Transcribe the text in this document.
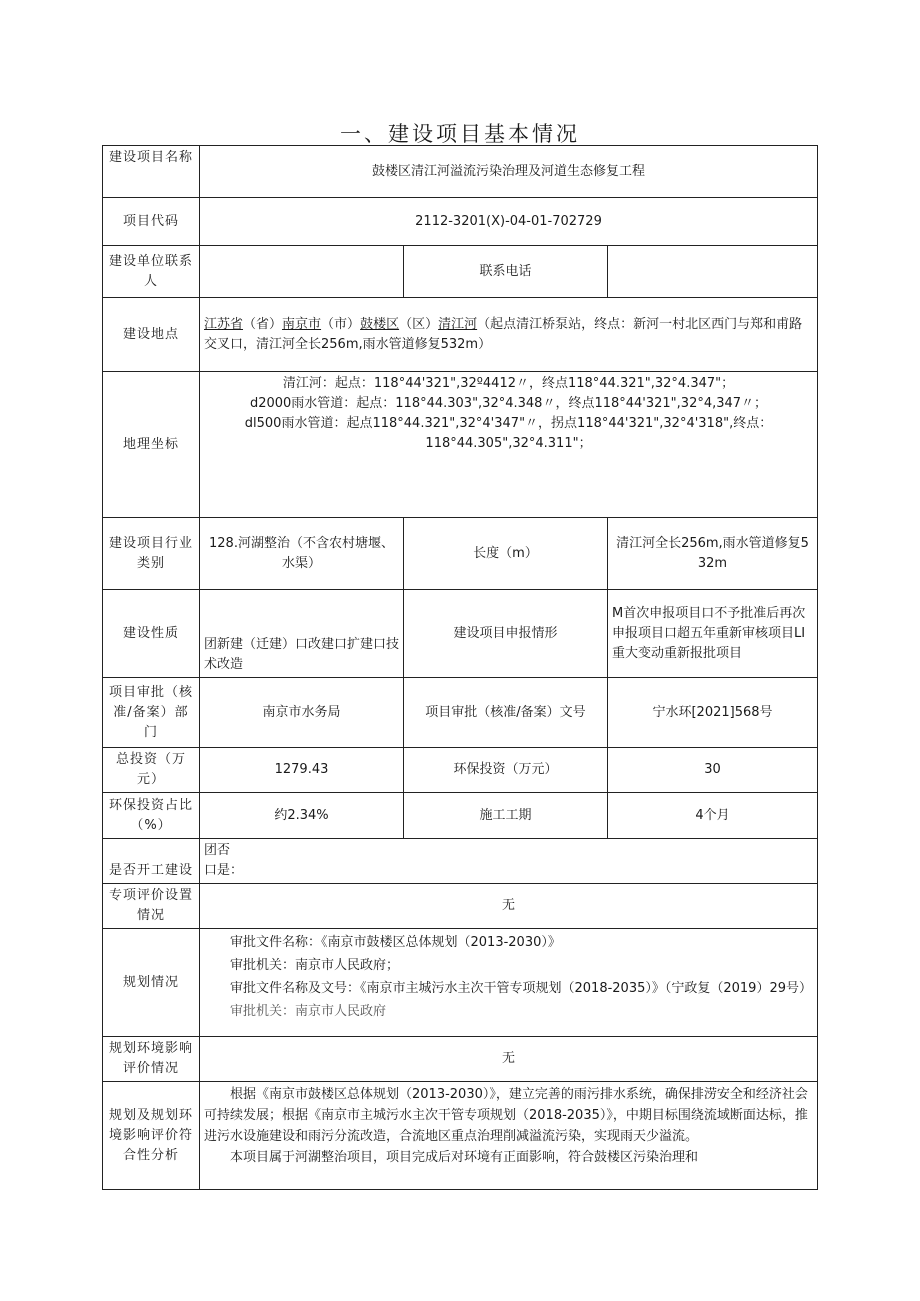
一、建设项目基本情况
建设项目名称	鼓楼区清江河溢流污染治理及河道生态修复工程		
项目代码	2112-3201(X)-04-01-702729		
建设单位联系人		联系电话	
建设地点	江苏省（省）南京市（市）鼓楼区（区）清江河（起点清江桥泵站，终点：新河一村北区西门与郑和甫路交叉口，清江河全长256m,雨水管道修复532m）		
地理坐标	清江河：起点：118°44'321",32º4412〃，终点118°44.321",32°4.347"；
d2000雨水管道：起点：118°44.303",32°4.348〃，终点118°44'321",32°4,347〃；
dl500雨水管道：起点118°44.321",32°4'347"〃，拐点118°44'321",32°4'318",终点：
118°44.305",32°4.311"；		

建设项目行业类别	128.河湖整治（不含农村塘堰、水渠）	长度（m）	清江河全长256m,雨水管道修复532m
建设性质	团新建（迁建）口改建口扩建口技术改造	建设项目申报情形	M首次申报项目口不予批准后再次申报项目口超五年重新审核项目LI重大变动重新报批项目
项目审批（核准/备案）部门	南京市水务局	项目审批（核准/备案）文号	宁水环[2021]568号
总投资（万元）	1279.43	环保投资（万元）	30
环保投资占比（%）	约2.34%	施工工期	4个月
是否开工建设	团否
口是：		

专项评价设置情况	无		
规划情况	审批文件名称：《南京市鼓楼区总体规划（2013-2030）》
审批机关：南京市人民政府；
审批文件名称及文号：《南京市主城污水主次干管专项规划（2018-2035）》（宁政复（2019）29号）
审批机关：南京市人民政府		

规划环境影响评价情况	无		
规划及规划环境影响评价符合性分析	根据《南京市鼓楼区总体规划（2013-2030）》，建立完善的雨污排水系统，确保排涝安全和经济社会可持续发展；根据《南京市主城污水主次干管专项规划（2018-2035）》，中期目标围绕流域断面达标，推进污水设施建设和雨污分流改造，合流地区重点治理削减溢流污染，实现雨天少溢流。
本项目属于河湖整治项目，项目完成后对环境有正面影响，符合鼓楼区污染治理和		
